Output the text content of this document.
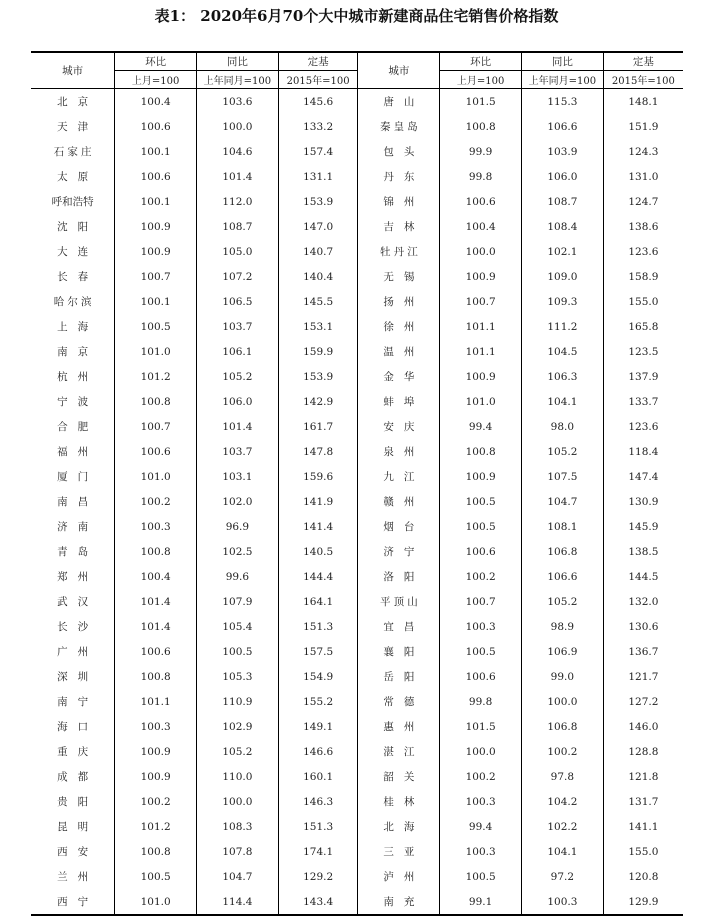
表1： 2020年6月70个大中城市新建商品住宅销售价格指数
城市	环比	同比	定基	城市	环比	同比	定基
	上月=100	上年同月=100	2015年=100		上月=100	上年同月=100	2015年=100
北京	100.4	103.6	145.6	唐山	101.5	115.3	148.1
天津	100.6	100.0	133.2	秦皇岛	100.8	106.6	151.9
石家庄	100.1	104.6	157.4	包头	99.9	103.9	124.3
太原	100.6	101.4	131.1	丹东	99.8	106.0	131.0
呼和浩特	100.1	112.0	153.9	锦州	100.6	108.7	124.7
沈阳	100.9	108.7	147.0	吉林	100.4	108.4	138.6
大连	100.9	105.0	140.7	牡丹江	100.0	102.1	123.6
长春	100.7	107.2	140.4	无锡	100.9	109.0	158.9
哈尔滨	100.1	106.5	145.5	扬州	100.7	109.3	155.0
上海	100.5	103.7	153.1	徐州	101.1	111.2	165.8
南京	101.0	106.1	159.9	温州	101.1	104.5	123.5
杭州	101.2	105.2	153.9	金华	100.9	106.3	137.9
宁波	100.8	106.0	142.9	蚌埠	101.0	104.1	133.7
合肥	100.7	101.4	161.7	安庆	99.4	98.0	123.6
福州	100.6	103.7	147.8	泉州	100.8	105.2	118.4
厦门	101.0	103.1	159.6	九江	100.9	107.5	147.4
南昌	100.2	102.0	141.9	赣州	100.5	104.7	130.9
济南	100.3	96.9	141.4	烟台	100.5	108.1	145.9
青岛	100.8	102.5	140.5	济宁	100.6	106.8	138.5
郑州	100.4	99.6	144.4	洛阳	100.2	106.6	144.5
武汉	101.4	107.9	164.1	平顶山	100.7	105.2	132.0
长沙	101.4	105.4	151.3	宜昌	100.3	98.9	130.6
广州	100.6	100.5	157.5	襄阳	100.5	106.9	136.7
深圳	100.8	105.3	154.9	岳阳	100.6	99.0	121.7
南宁	101.1	110.9	155.2	常德	99.8	100.0	127.2
海口	100.3	102.9	149.1	惠州	101.5	106.8	146.0
重庆	100.9	105.2	146.6	湛江	100.0	100.2	128.8
成都	100.9	110.0	160.1	韶关	100.2	97.8	121.8
贵阳	100.2	100.0	146.3	桂林	100.3	104.2	131.7
昆明	101.2	108.3	151.3	北海	99.4	102.2	141.1
西安	100.8	107.8	174.1	三亚	100.3	104.1	155.0
兰州	100.5	104.7	129.2	泸州	100.5	97.2	120.8
西宁	101.0	114.4	143.4	南充	99.1	100.3	129.9
